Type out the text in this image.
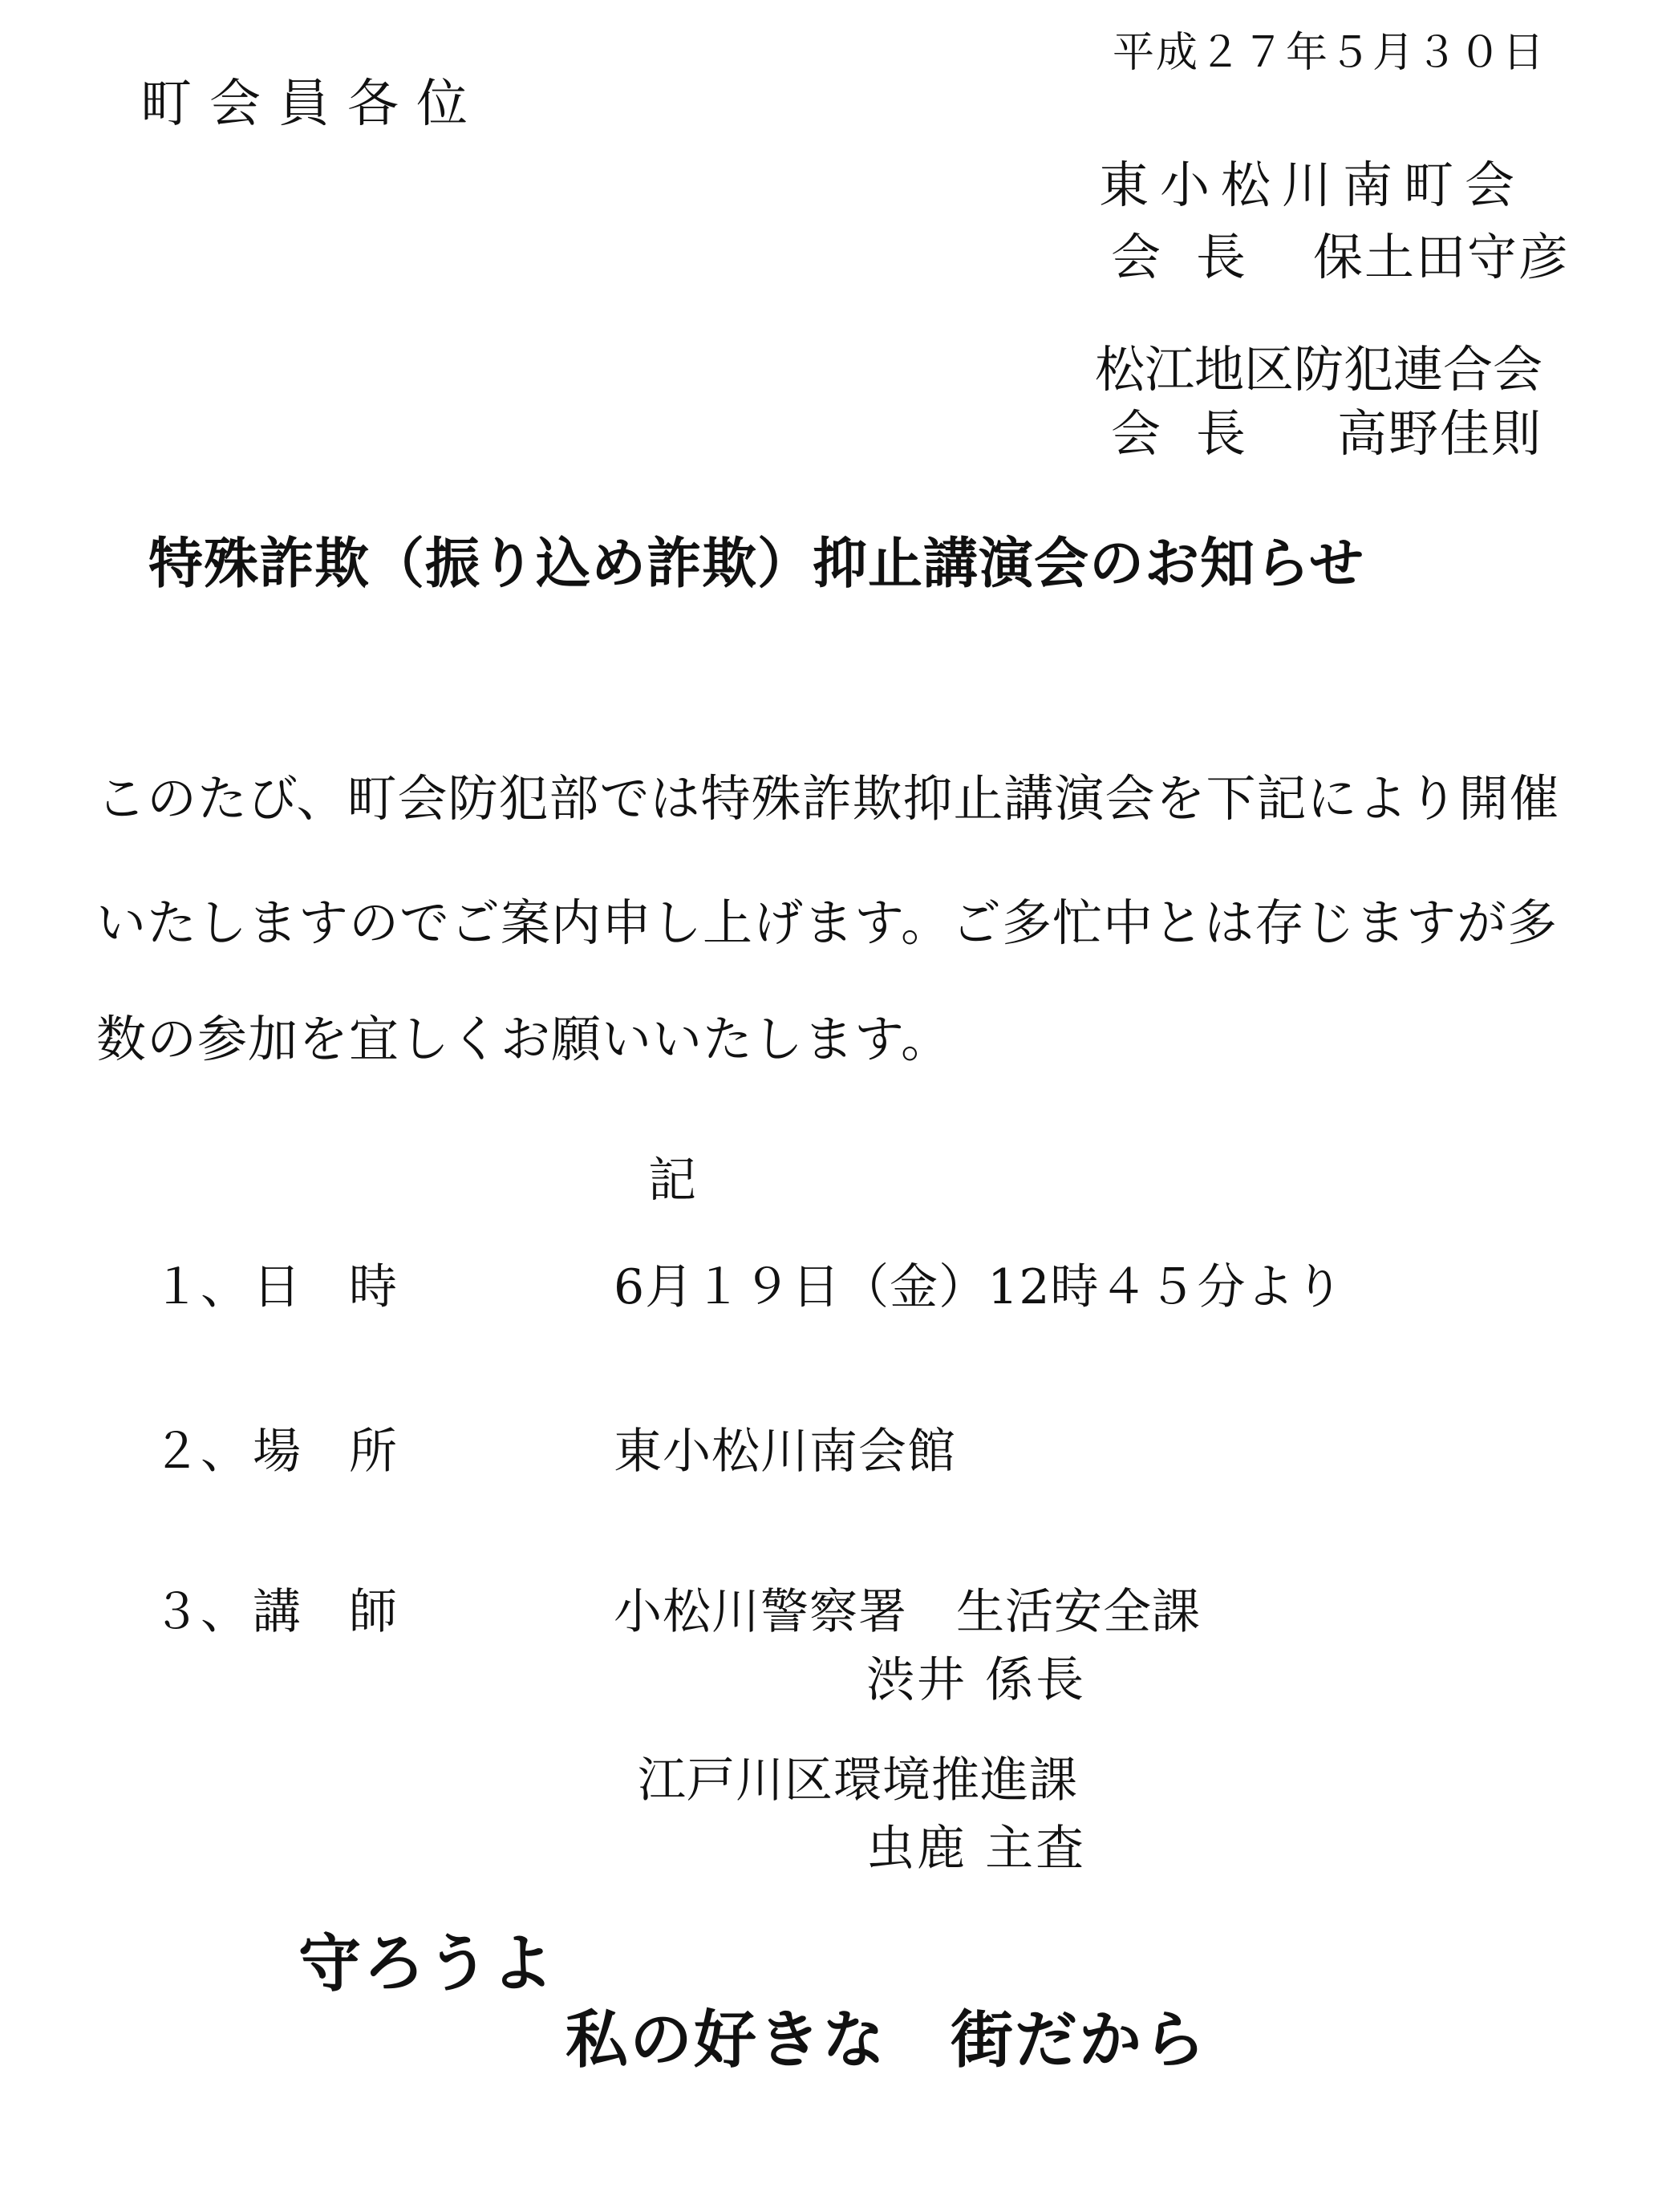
平成２７年５月３０日
町会員各位
東小松川南町会
会長 保土田守彦
松江地区防犯連合会
会長 高野佳則
特殊詐欺（振り込め詐欺）抑止講演会のお知らせ
このたび、町会防犯部では特殊詐欺抑止講演会を下記により開催
いたしますのでご案内申し上げます。ご多忙中とは存じますが多
数の参加を宜しくお願いいたします。
記
１、日時	6月１９日（金）12時４５分より
２、場所	東小松川南会館
３、講師	小松川警察署　生活安全課
渋井 係長
江戸川区環境推進課
虫鹿 主査
守ろうよ
私の好きな　街だから
